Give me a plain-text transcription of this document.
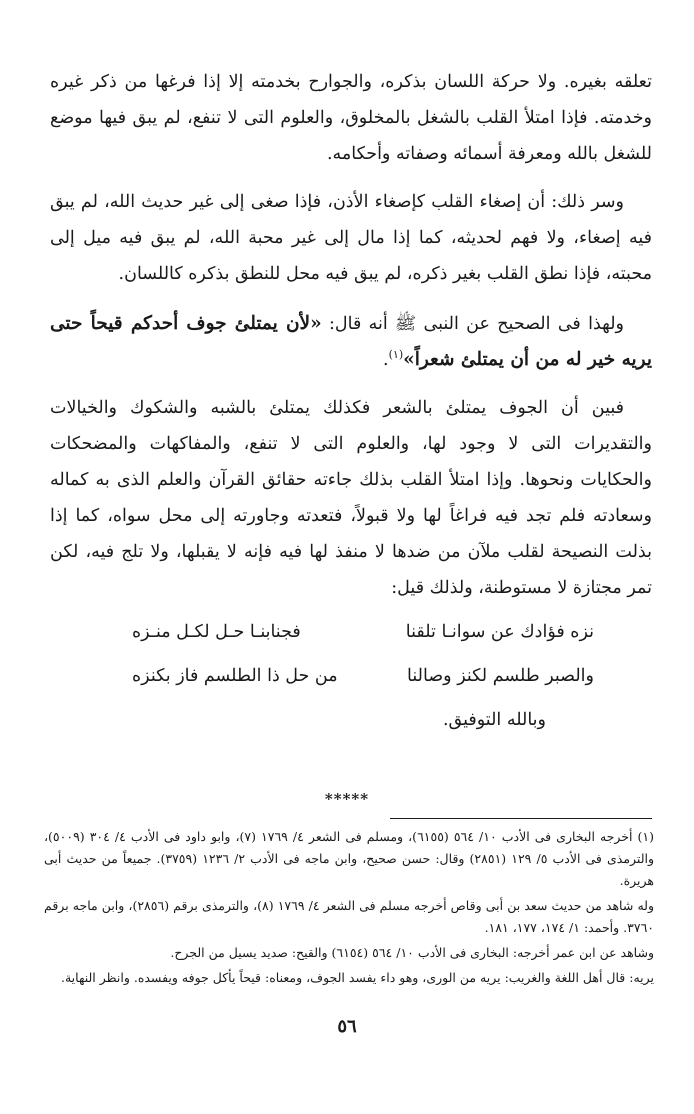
تعلقه بغيره. ولا حركة اللسان بذكره، والجوارح بخدمته إلا إذا فرغها من ذكر غيره وخدمته. فإذا امتلأ القلب بالشغل بالمخلوق، والعلوم التى لا تنفع، لم يبق فيها موضع للشغل بالله ومعرفة أسمائه وصفاته وأحكامه.

وسر ذلك: أن إصغاء القلب كإصغاء الأذن، فإذا صغى إلى غير حديث الله، لم يبق فيه إصغاء، ولا فهم لحديثه، كما إذا مال إلى غير محبة الله، لم يبق فيه ميل إلى محبته، فإذا نطق القلب بغير ذكره، لم يبق فيه محل للنطق بذكره كاللسان.

ولهذا فى الصحيح عن النبى ﷺ أنه قال: «لأن يمتلئ جوف أحدكم قيحاً حتى يريه خير له من أن يمتلئ شعراً»$^{(١)}$.

فبين أن الجوف يمتلئ بالشعر فكذلك يمتلئ بالشبه والشكوك والخيالات والتقديرات التى لا وجود لها، والعلوم التى لا تنفع، والمفاكهات والمضحكات والحكايات ونحوها. وإذا امتلأ القلب بذلك جاءته حقائق القرآن والعلم الذى به كماله وسعادته فلم تجد فيه فراغاً لها ولا قبولاً، فتعدته وجاورته إلى محل سواه، كما إذا بذلت النصيحة لقلب ملآن من ضدها لا منفذ لها فيه فإنه لا يقبلها، ولا تلج فيه، لكن تمر مجتازة لا مستوطنة، ولذلك قيل:

نزه فؤادك عن سوانـا تلقنا
فجنابنـا حـل لكـل منـزه
والصبر طلسم لكنز وصالنا
من حل ذا الطلسم فاز بكنزه
وبالله التوفيق.
*****

(١) أخرجه البخارى فى الأدب ١٠/ ٥٦٤ (٦١٥٥)، ومسلم فى الشعر ٤/ ١٧٦٩ (٧)، وابو داود فى الأدب ٤/ ٣٠٤ (٥٠٠٩)، والترمذى فى الأدب ٥/ ١٢٩ (٢٨٥١) وقال: حسن صحيح، وابن ماجه فى الأدب ٢/ ١٢٣٦ (٣٧٥٩). جميعاً من حديث أبى هريرة.

وله شاهد من حديث سعد بن أبى وقاص أخرجه مسلم فى الشعر ٤/ ١٧٦٩ (٨)، والترمذى برقم (٢٨٥٦)، وابن ماجه برقم ٣٧٦٠. وأحمد: ١/ ١٧٤، ١٧٧، ١٨١.

وشاهد عن ابن عمر أخرجه: البخارى فى الأدب ١٠/ ٥٦٤ (٦١٥٤) والقيح: صديد يسيل من الجرح.

يريه: قال أهل اللغة والغريب: يريه من الورى، وهو داء يفسد الجوف، ومعناه: قيحاً يأكل جوفه ويفسده. وانظر النهاية.

٥٦
